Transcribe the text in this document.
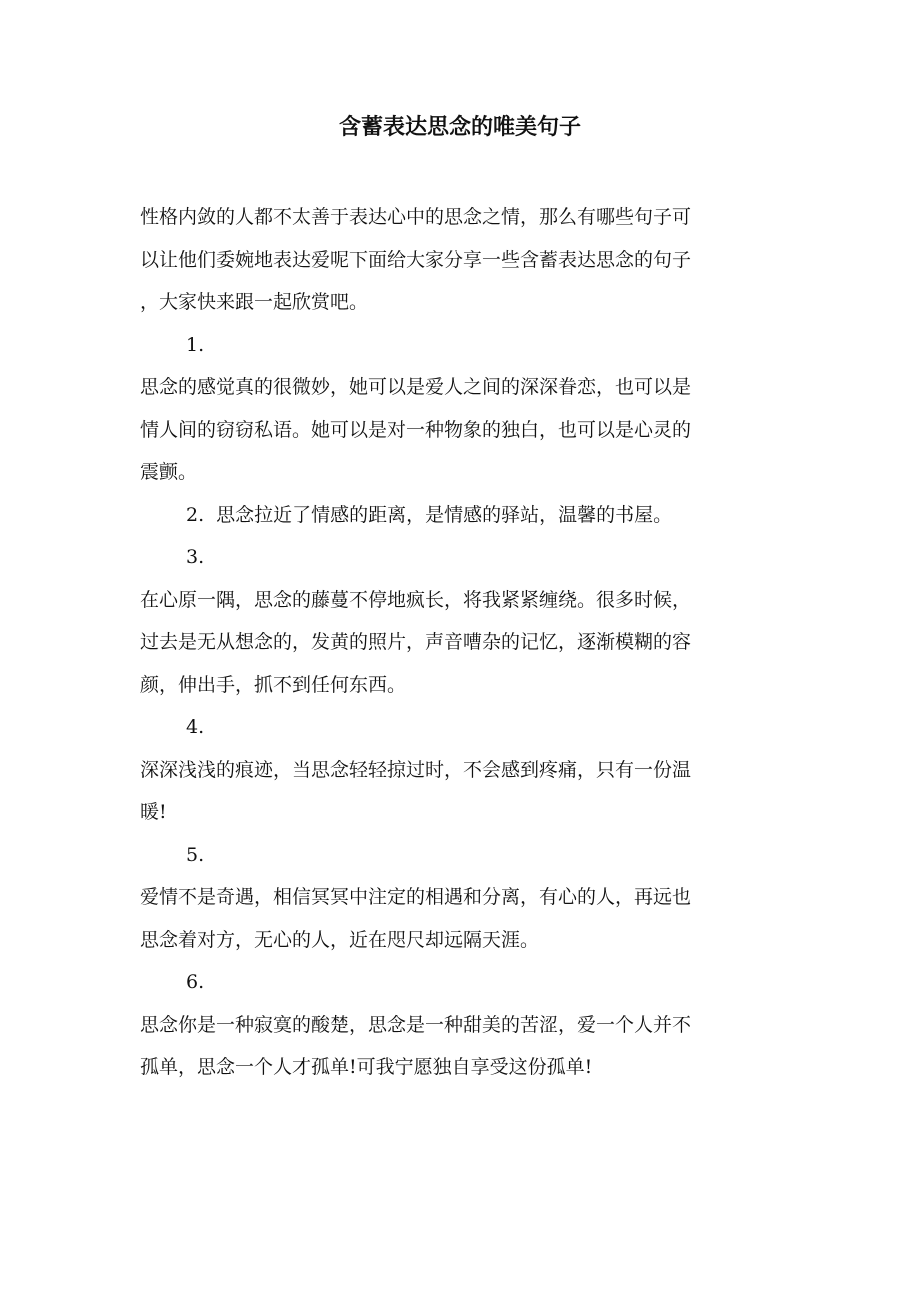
含蓄表达思念的唯美句子

性格内敛的人都不太善于表达心中的思念之情，那么有哪些句子可

以让他们委婉地表达爱呢下面给大家分享一些含蓄表达思念的句子

，大家快来跟一起欣赏吧。

1.

思念的感觉真的很微妙，她可以是爱人之间的深深眷恋，也可以是

情人间的窃窃私语。她可以是对一种物象的独白，也可以是心灵的

震颤。

2. 思念拉近了情感的距离，是情感的驿站，温馨的书屋。

3.

在心原一隅，思念的藤蔓不停地疯长，将我紧紧缠绕。很多时候，

过去是无从想念的，发黄的照片，声音嘈杂的记忆，逐渐模糊的容

颜，伸出手，抓不到任何东西。

4.

深深浅浅的痕迹，当思念轻轻掠过时，不会感到疼痛，只有一份温

暖!

5.

爱情不是奇遇，相信冥冥中注定的相遇和分离，有心的人，再远也

思念着对方，无心的人，近在咫尺却远隔天涯。

6.

思念你是一种寂寞的酸楚，思念是一种甜美的苦涩，爱一个人并不

孤单，思念一个人才孤单!可我宁愿独自享受这份孤单!
